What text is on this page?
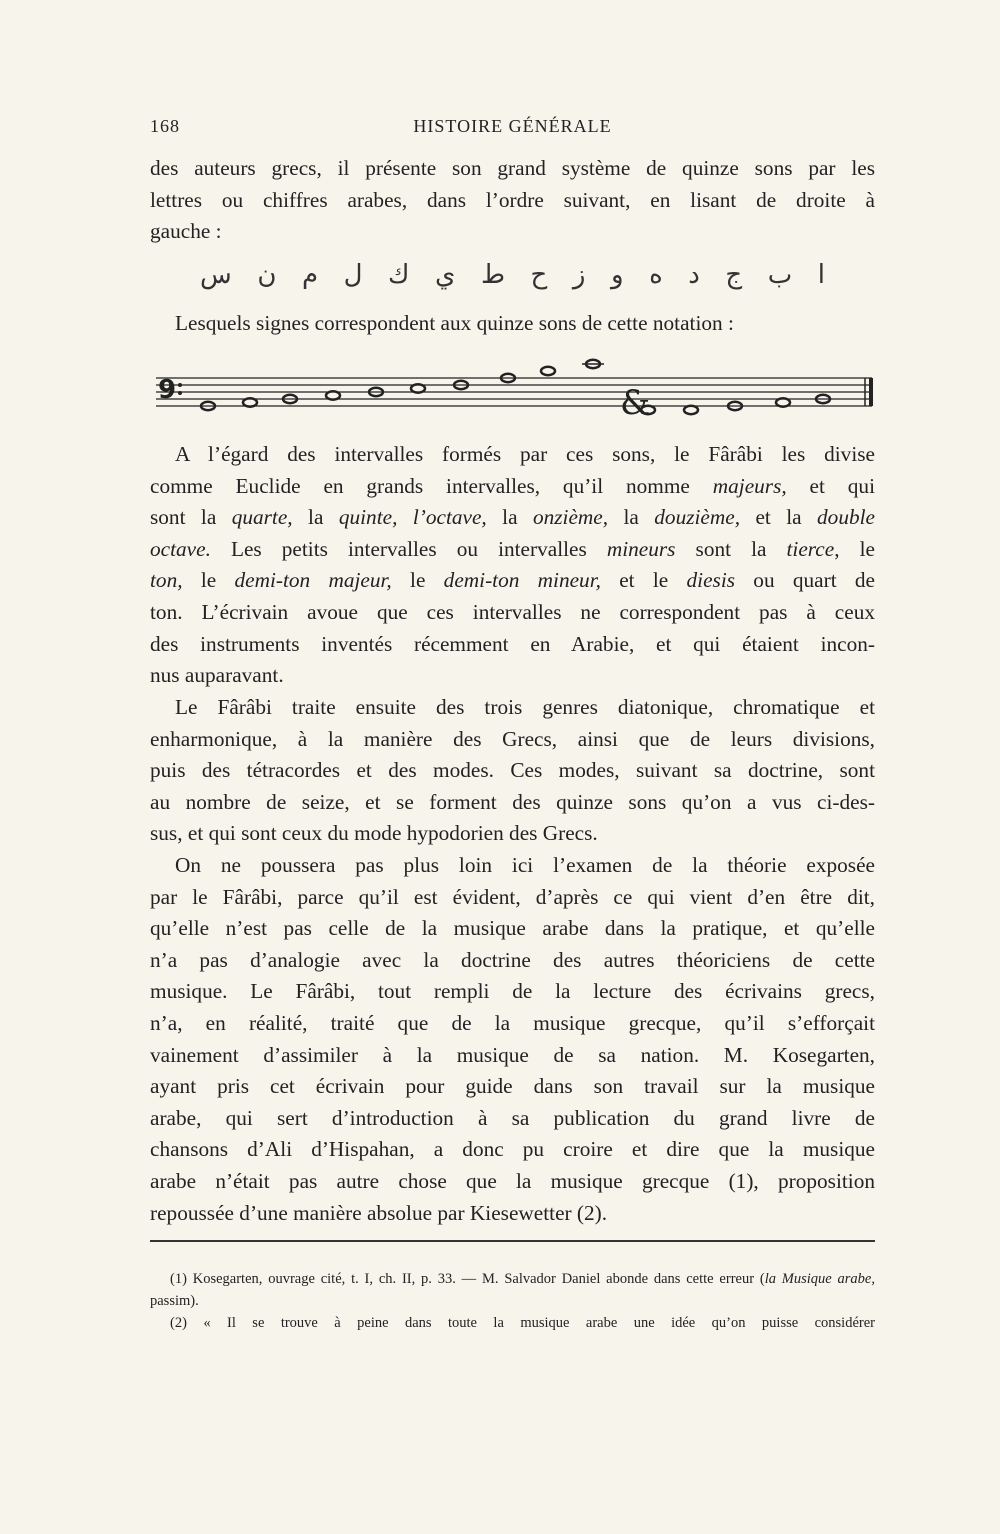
168	HISTOIRE GÉNÉRALE

des auteurs grecs, il présente son grand système de quinze sons par les

lettres ou chiffres arabes, dans l’ordre suivant, en lisant de droite à

gauche :

ا
ب
ج
د
ه
و
ز
ح
ط
ي
ك
ل
م
ن
س
Lesquels signes correspondent aux quinze sons de cette notation :
9	&

A l’égard des intervalles formés par ces sons, le Fârâbi les divise

comme Euclide en grands intervalles, qu’il nomme majeurs, et qui

sont la quarte, la quinte, l’octave, la onzième, la douzième, et la double

octave. Les petits intervalles ou intervalles mineurs sont la tierce, le

ton, le demi-ton majeur, le demi-ton mineur, et le diesis ou quart de

ton. L’écrivain avoue que ces intervalles ne correspondent pas à ceux

des instruments inventés récemment en Arabie, et qui étaient incon-

nus auparavant.

Le Fârâbi traite ensuite des trois genres diatonique, chromatique et

enharmonique, à la manière des Grecs, ainsi que de leurs divisions,

puis des tétracordes et des modes. Ces modes, suivant sa doctrine, sont

au nombre de seize, et se forment des quinze sons qu’on a vus ci-des-

sus, et qui sont ceux du mode hypodorien des Grecs.

On ne poussera pas plus loin ici l’examen de la théorie exposée

par le Fârâbi, parce qu’il est évident, d’après ce qui vient d’en être dit,

qu’elle n’est pas celle de la musique arabe dans la pratique, et qu’elle

n’a pas d’analogie avec la doctrine des autres théoriciens de cette

musique. Le Fârâbi, tout rempli de la lecture des écrivains grecs,

n’a, en réalité, traité que de la musique grecque, qu’il s’efforçait

vainement d’assimiler à la musique de sa nation. M. Kosegarten,

ayant pris cet écrivain pour guide dans son travail sur la musique

arabe, qui sert d’introduction à sa publication du grand livre de

chansons d’Ali d’Hispahan, a donc pu croire et dire que la musique

arabe n’était pas autre chose que la musique grecque (1), proposition

repoussée d’une manière absolue par Kiesewetter (2).

(1) Kosegarten, ouvrage cité, t. I, ch. II, p. 33. — M. Salvador Daniel abonde dans cette erreur (la Musique arabe, passim).

(2) « Il se trouve à peine dans toute la musique arabe une idée qu’on puisse considérer
